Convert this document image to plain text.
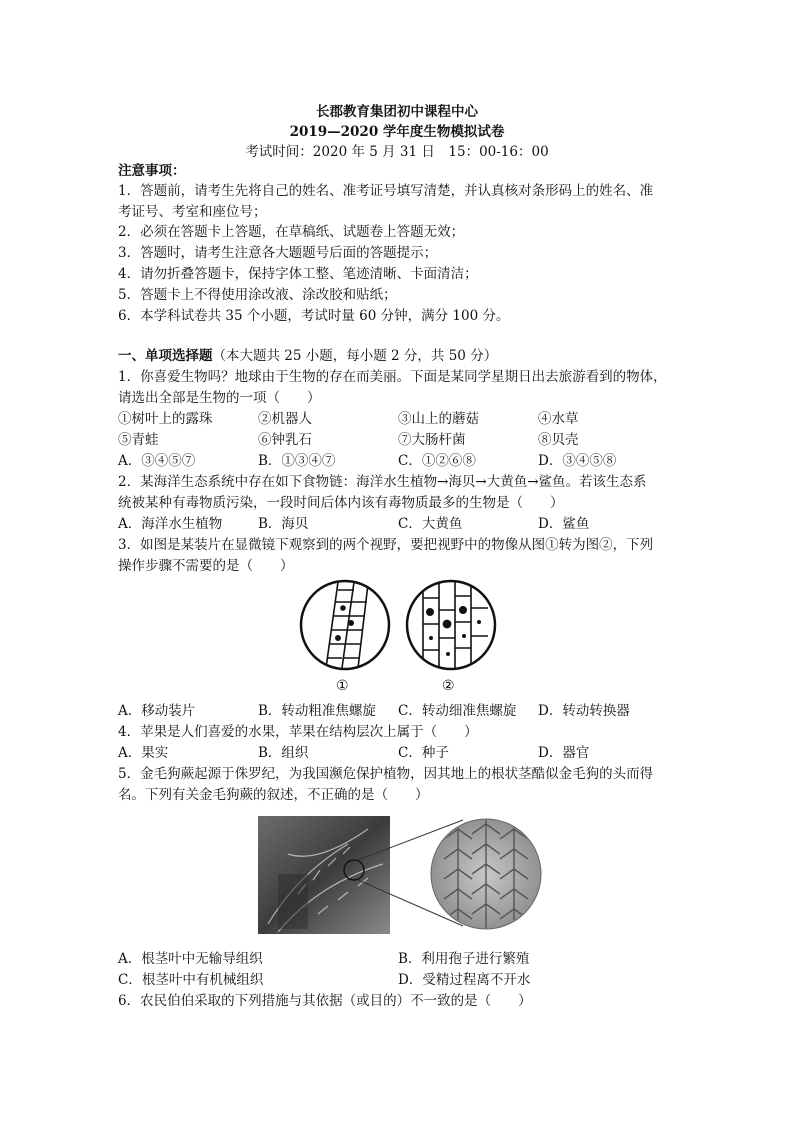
长郡教育集团初中课程中心
2019—2020 学年度生物模拟试卷
考试时间：2020 年 5 月 31 日　15：00-16：00
注意事项：
1．答题前，请考生先将自己的姓名、准考证号填写清楚，并认真核对条形码上的姓名、准
考证号、考室和座位号；
2．必须在答题卡上答题，在草稿纸、试题卷上答题无效；
3．答题时，请考生注意各大题题号后面的答题提示；
4．请勿折叠答题卡，保持字体工整、笔迹清晰、卡面清洁；
5．答题卡上不得使用涂改液、涂改胶和贴纸；
6．本学科试卷共 35 个小题，考试时量 60 分钟，满分 100 分。
一、单项选择题（本大题共 25 小题，每小题 2 分，共 50 分）
1．你喜爱生物吗？地球由于生物的存在而美丽。下面是某同学星期日出去旅游看到的物体，
请选出全部是生物的一项（　　）
①树叶上的露珠	②机器人	③山上的蘑菇	④水草
⑤青蛙	⑥钟乳石	⑦大肠杆菌	⑧贝壳
A．③④⑤⑦	B．①③④⑦	C．①②⑥⑧	D．③④⑤⑧
2．某海洋生态系统中存在如下食物链：海洋水生植物→海贝→大黄鱼→鲨鱼。若该生态系
统被某种有毒物质污染，一段时间后体内该有毒物质最多的生物是（　　）
A．海洋水生植物	B．海贝	C．大黄鱼	D．鲨鱼
3．如图是某装片在显微镜下观察到的两个视野，要把视野中的物像从图①转为图②，下列
操作步骤不需要的是（　　）
①	②
A．移动装片	B．转动粗准焦螺旋 C．转动细准焦螺旋 D．转动转换器
4．苹果是人们喜爱的水果，苹果在结构层次上属于（　　）
A．果实	B．组织	C．种子	D．器官
5．金毛狗蕨起源于侏罗纪，为我国濒危保护植物，因其地上的根状茎酷似金毛狗的头而得
名。下列有关金毛狗蕨的叙述，不正确的是（　　）
A．根茎叶中无输导组织	B．利用孢子进行繁殖
C．根茎叶中有机械组织	D．受精过程离不开水
6．农民伯伯采取的下列措施与其依据（或目的）不一致的是（　　）
